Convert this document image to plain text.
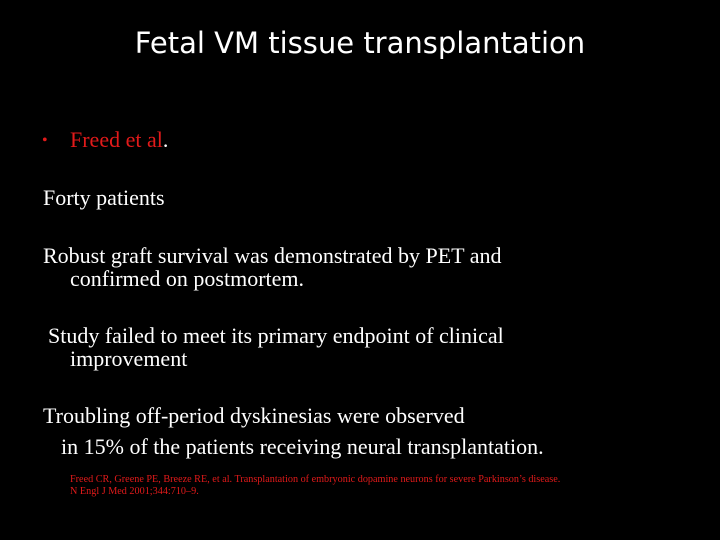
Fetal VM tissue transplantation
• Freed et al.
Forty patients
Robust graft survival was demonstrated by PET and
confirmed on postmortem.
Study failed to meet its primary endpoint of clinical
improvement
Troubling off-period dyskinesias were observed
in 15% of the patients receiving neural transplantation.
Freed CR, Greene PE, Breeze RE, et al. Transplantation of embryonic dopamine neurons for severe Parkinson’s disease.
N Engl J Med 2001;344:710–9.
